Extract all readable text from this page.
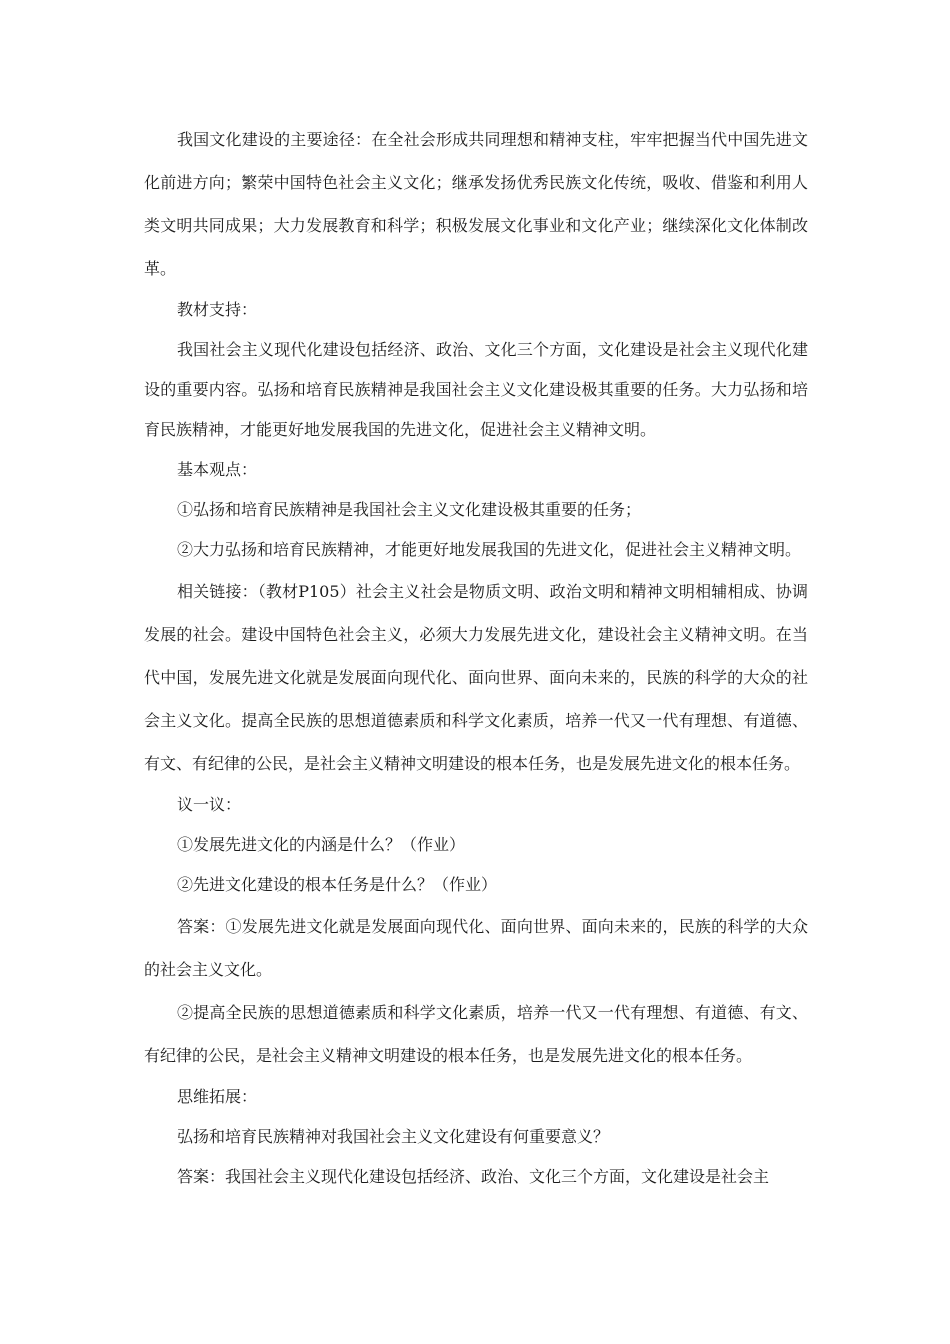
我国文化建设的主要途径：在全社会形成共同理想和精神支柱，牢牢把握当代中国先进文化前进方向；繁荣中国特色社会主义文化；继承发扬优秀民族文化传统，吸收、借鉴和利用人类文明共同成果；大力发展教育和科学；积极发展文化事业和文化产业；继续深化文化体制改革。

教材支持：

我国社会主义现代化建设包括经济、政治、文化三个方面，文化建设是社会主义现代化建设的重要内容。弘扬和培育民族精神是我国社会主义文化建设极其重要的任务。大力弘扬和培育民族精神，才能更好地发展我国的先进文化，促进社会主义精神文明。

基本观点：

①弘扬和培育民族精神是我国社会主义文化建设极其重要的任务；

②大力弘扬和培育民族精神，才能更好地发展我国的先进文化，促进社会主义精神文明。

相关链接：（教材P105）社会主义社会是物质文明、政治文明和精神文明相辅相成、协调发展的社会。建设中国特色社会主义，必须大力发展先进文化，建设社会主义精神文明。在当代中国，发展先进文化就是发展面向现代化、面向世界、面向未来的，民族的科学的大众的社会主义文化。提高全民族的思想道德素质和科学文化素质，培养一代又一代有理想、有道德、有文、有纪律的公民，是社会主义精神文明建设的根本任务，也是发展先进文化的根本任务。

议一议：

①发展先进文化的内涵是什么？（作业）

②先进文化建设的根本任务是什么？（作业）

答案：①发展先进文化就是发展面向现代化、面向世界、面向未来的，民族的科学的大众的社会主义文化。

②提高全民族的思想道德素质和科学文化素质，培养一代又一代有理想、有道德、有文、有纪律的公民，是社会主义精神文明建设的根本任务，也是发展先进文化的根本任务。

思维拓展：

弘扬和培育民族精神对我国社会主义文化建设有何重要意义？

答案：我国社会主义现代化建设包括经济、政治、文化三个方面，文化建设是社会主
